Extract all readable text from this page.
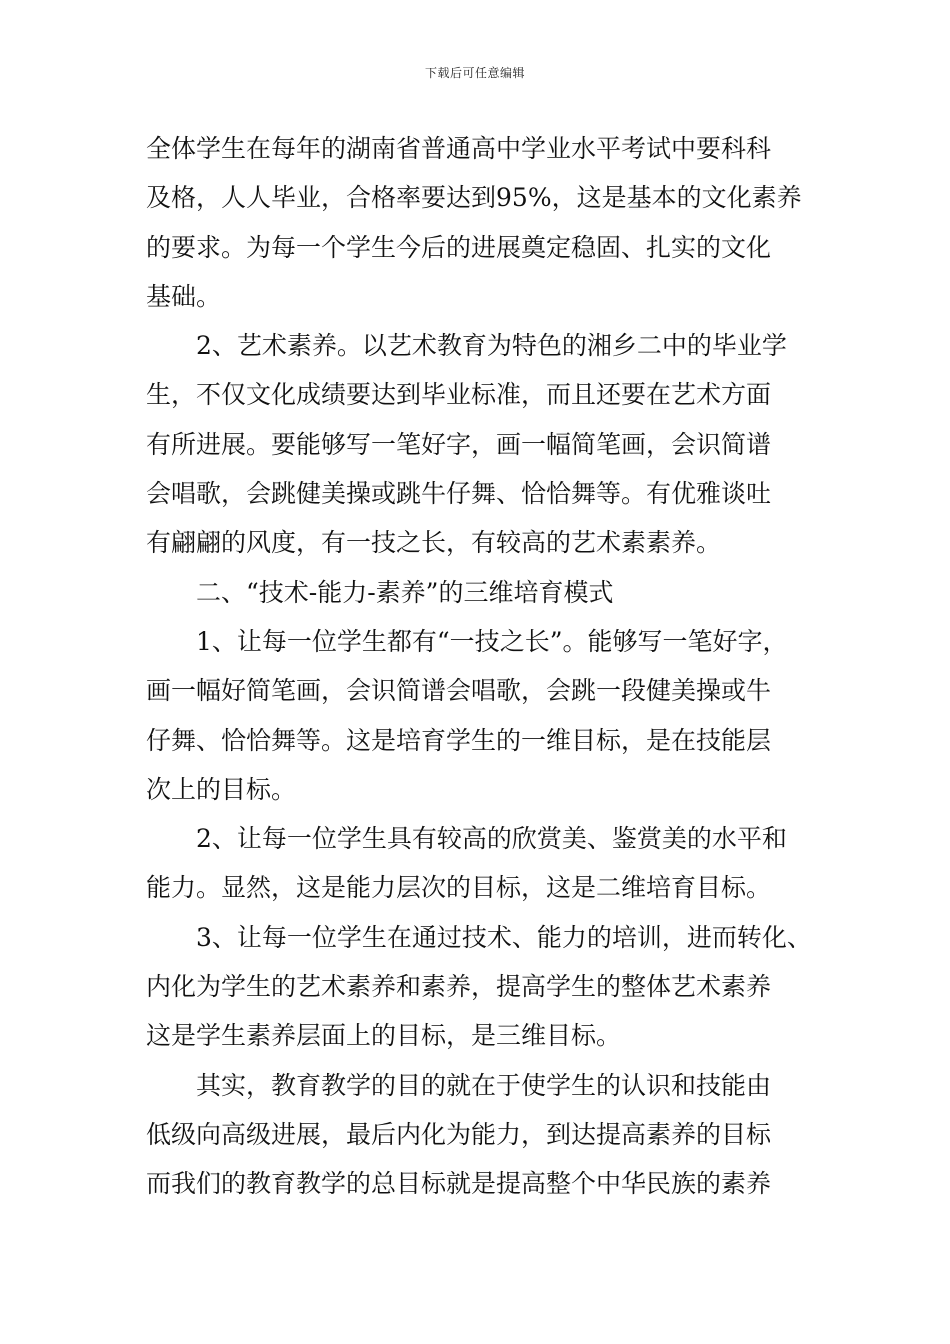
下载后可任意编辑
全体学生在每年的湖南省普通高中学业水平考试中要科科
及格，人人毕业，合格率要达到95%，这是基本的文化素养
的要求。为每一个学生今后的进展奠定稳固、扎实的文化
基础。
2、艺术素养。以艺术教育为特色的湘乡二中的毕业学
生，不仅文化成绩要达到毕业标准，而且还要在艺术方面
有所进展。要能够写一笔好字，画一幅简笔画，会识简谱
会唱歌，会跳健美操或跳牛仔舞、恰恰舞等。有优雅谈吐
有翩翩的风度，有一技之长，有较高的艺术素素养。
二、“技术-能力-素养”的三维培育模式
1、让每一位学生都有“一技之长”。能够写一笔好字，
画一幅好简笔画，会识简谱会唱歌，会跳一段健美操或牛
仔舞、恰恰舞等。这是培育学生的一维目标，是在技能层
次上的目标。
2、让每一位学生具有较高的欣赏美、鉴赏美的水平和
能力。显然，这是能力层次的目标，这是二维培育目标。
3、让每一位学生在通过技术、能力的培训，进而转化、
内化为学生的艺术素养和素养，提高学生的整体艺术素养
这是学生素养层面上的目标，是三维目标。
其实，教育教学的目的就在于使学生的认识和技能由
低级向高级进展，最后内化为能力，到达提高素养的目标
而我们的教育教学的总目标就是提高整个中华民族的素养
